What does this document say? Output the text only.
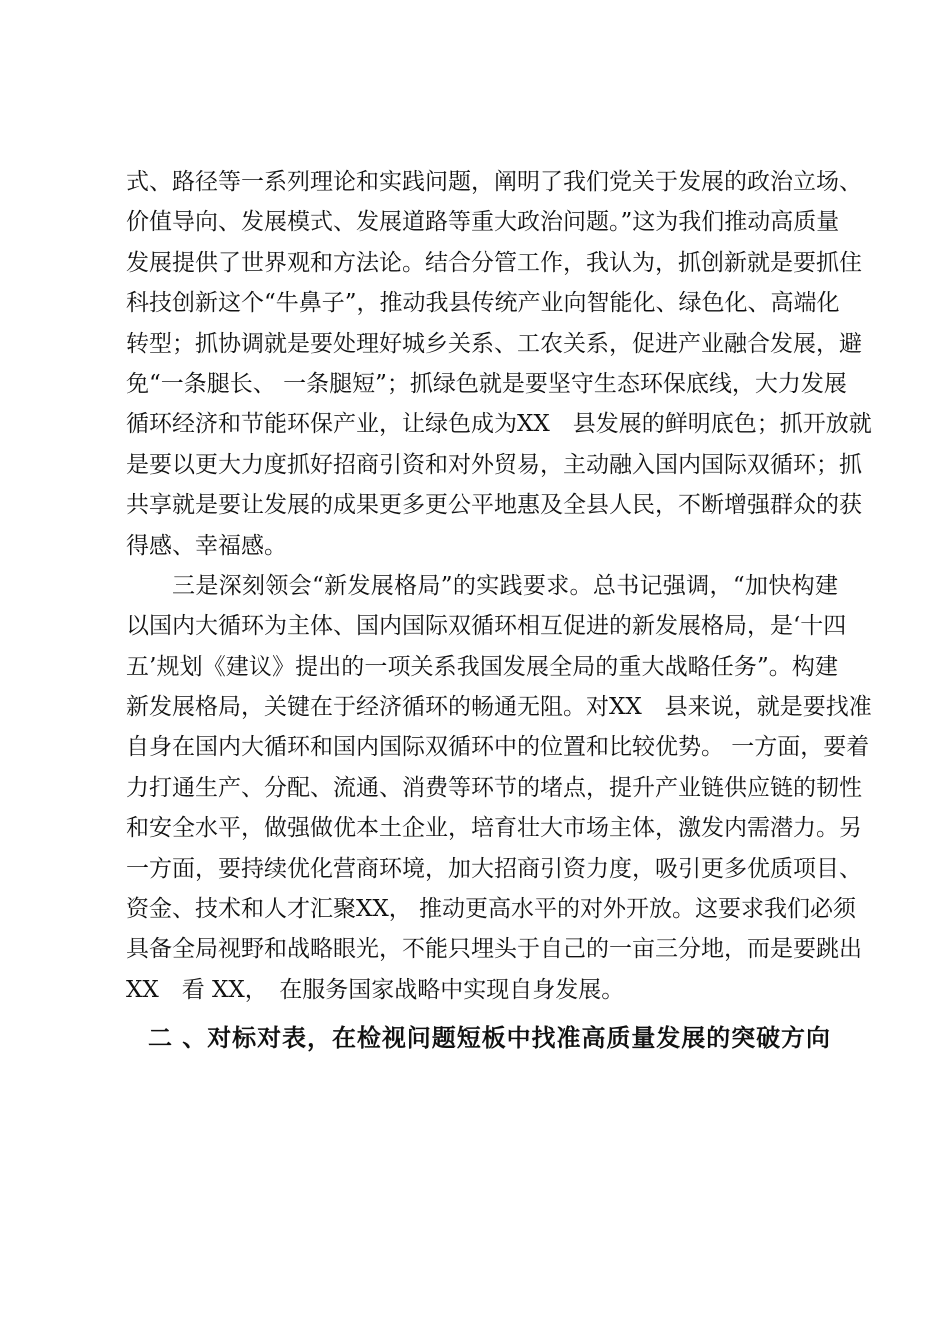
式、路径等一系列理论和实践问题，阐明了我们党关于发展的政治立场、
价值导向、发展模式、发展道路等重大政治问题。”这为我们推动高质量
发展提供了世界观和方法论。结合分管工作，我认为，抓创新就是要抓住
科技创新这个“牛鼻子”，推动我县传统产业向智能化、绿色化、高端化
转型；抓协调就是要处理好城乡关系、工农关系，促进产业融合发展，避
免“一条腿长、 一条腿短”；抓绿色就是要坚守生态环保底线，大力发展
循环经济和节能环保产业，让绿色成为XX　县发展的鲜明底色；抓开放就
是要以更大力度抓好招商引资和对外贸易，主动融入国内国际双循环；抓
共享就是要让发展的成果更多更公平地惠及全县人民，不断增强群众的获
得感、幸福感。
三是深刻领会“新发展格局”的实践要求。总书记强调，“加快构建
以国内大循环为主体、国内国际双循环相互促进的新发展格局，是‘十四
五’规划《建议》提出的一项关系我国发展全局的重大战略任务”。构建
新发展格局，关键在于经济循环的畅通无阻。对XX　县来说，就是要找准
自身在国内大循环和国内国际双循环中的位置和比较优势。 一方面，要着
力打通生产、分配、流通、消费等环节的堵点，提升产业链供应链的韧性
和安全水平，做强做优本土企业，培育壮大市场主体，激发内需潜力。另
一方面，要持续优化营商环境，加大招商引资力度，吸引更多优质项目、
资金、技术和人才汇聚XX， 推动更高水平的对外开放。这要求我们必须
具备全局视野和战略眼光，不能只埋头于自己的一亩三分地，而是要跳出
XX　看 XX，　在服务国家战略中实现自身发展。
二 、对标对表，在检视问题短板中找准高质量发展的突破方向
